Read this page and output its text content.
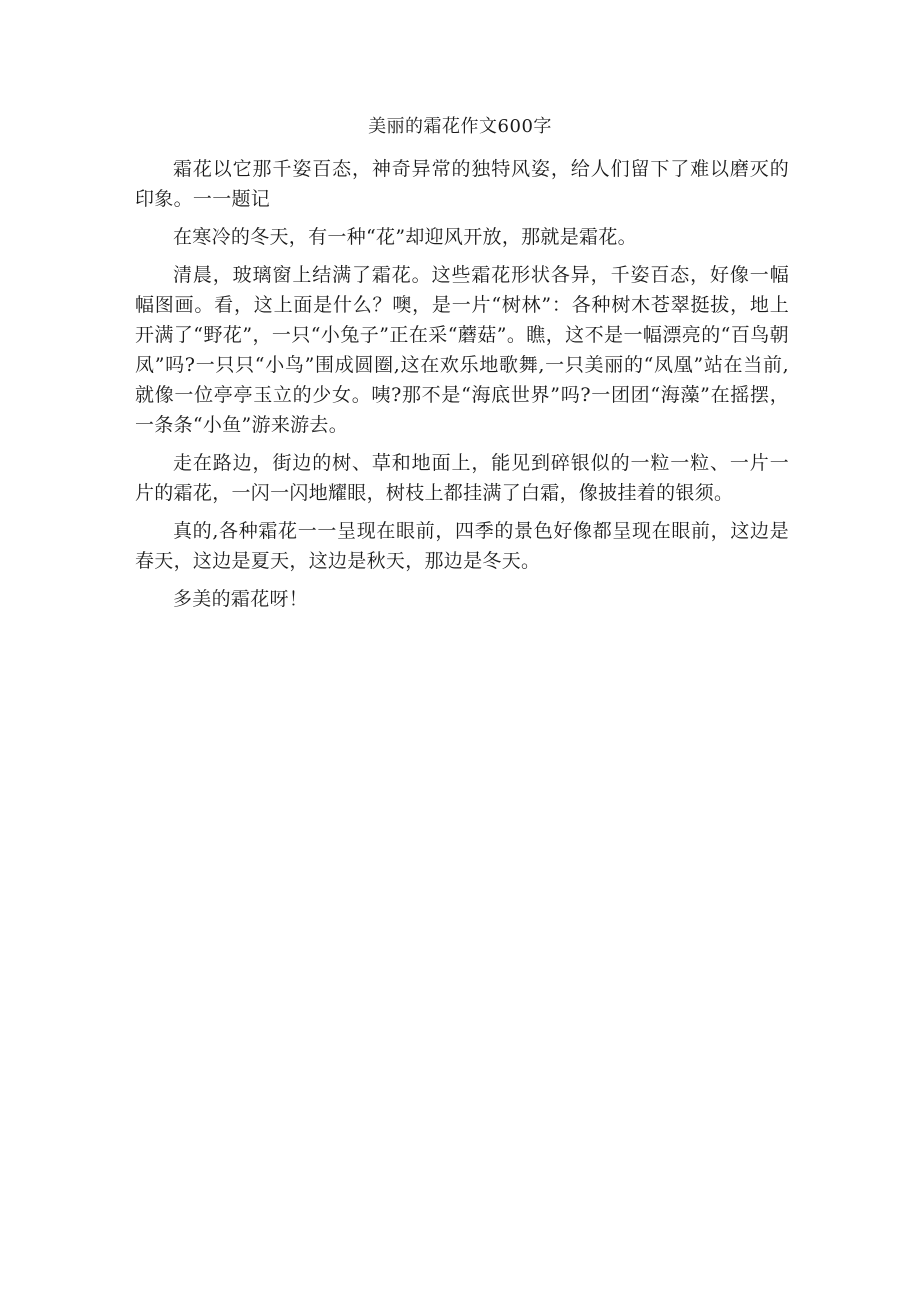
美丽的霜花作文600字

霜花以它那千姿百态，神奇异常的独特风姿，给人们留下了难以磨灭的印象。一一题记

在寒冷的冬天，有一种“花”却迎风开放，那就是霜花。

清晨，玻璃窗上结满了霜花。这些霜花形状各异，千姿百态，好像一幅幅图画。看，这上面是什么？噢，是一片“树林”：各种树木苍翠挺拔，地上开满了“野花”，一只“小兔子”正在采“蘑菇”。瞧，这不是一幅漂亮的“百鸟朝凤”吗?一只只“小鸟”围成圆圈,这在欢乐地歌舞,一只美丽的“凤凰”站在当前,就像一位亭亭玉立的少女。咦?那不是“海底世界”吗?一团团“海藻”在摇摆，一条条“小鱼”游来游去。

走在路边，街边的树、草和地面上，能见到碎银似的一粒一粒、一片一片的霜花，一闪一闪地耀眼，树枝上都挂满了白霜，像披挂着的银须。

真的,各种霜花一一呈现在眼前，四季的景色好像都呈现在眼前，这边是春天，这边是夏天，这边是秋天，那边是冬天。

多美的霜花呀！
